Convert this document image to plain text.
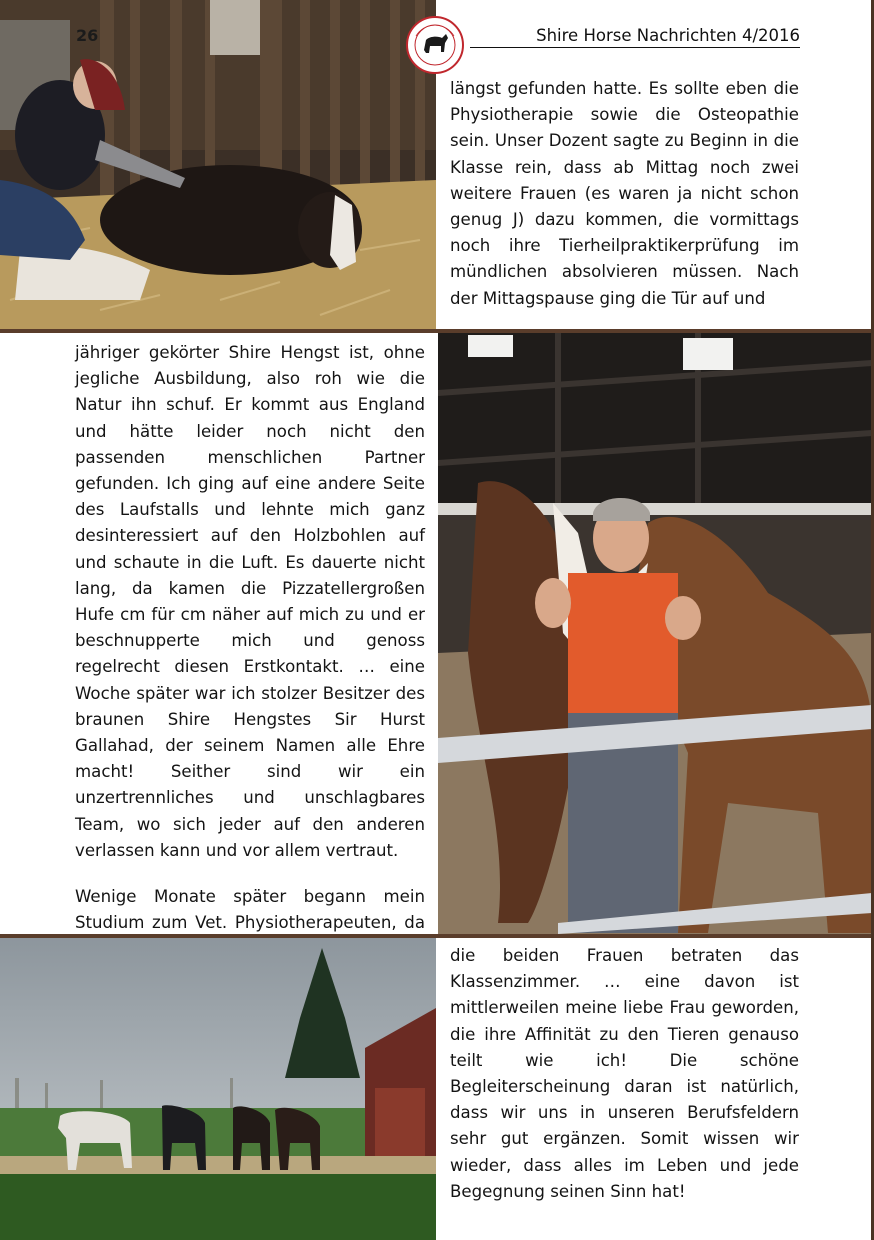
26	Shire Horse Nachrichten 4/2016

längst gefunden hatte. Es sollte eben die Physiotherapie sowie die Osteopathie sein. Unser Dozent sagte zu Beginn in die Klasse rein, dass ab Mittag noch zwei weitere Frauen (es waren ja nicht schon genug J) dazu kommen, die vormittags noch ihre Tierheilpraktikerprüfung im mündlichen absolvieren müssen. Nach der Mittagspause ging die Tür auf und

jähriger gekörter Shire Hengst ist, ohne jegliche Ausbildung, also roh wie die Natur ihn schuf. Er kommt aus England und hätte leider noch nicht den passenden menschlichen Partner gefunden. Ich ging auf eine andere Seite des Laufstalls und lehnte mich ganz desinteressiert auf den Holzbohlen auf und schaute in die Luft. Es dauerte nicht lang, da kamen die Pizzatellergroßen Hufe cm für cm näher auf mich zu und er beschnupperte mich und genoss regelrecht diesen Erstkontakt. … eine Woche später war ich stolzer Besitzer des braunen Shire Hengstes Sir Hurst Gallahad, der seinem Namen alle Ehre macht! Seither sind wir ein unzertrennliches und unschlagbares Team, wo sich jeder auf den anderen verlassen kann und vor allem vertraut.

Wenige Monate später begann mein Studium zum Vet. Physiotherapeuten, da

die beiden Frauen betraten das Klassenzimmer. … eine davon ist mittlerweilen meine liebe Frau geworden, die ihre Affinität zu den Tieren genauso teilt wie ich! Die schöne Begleiterscheinung daran ist natürlich, dass wir uns in unseren Berufsfeldern sehr gut ergänzen. Somit wissen wir wieder, dass alles im Leben und jede Begegnung seinen Sinn hat!
